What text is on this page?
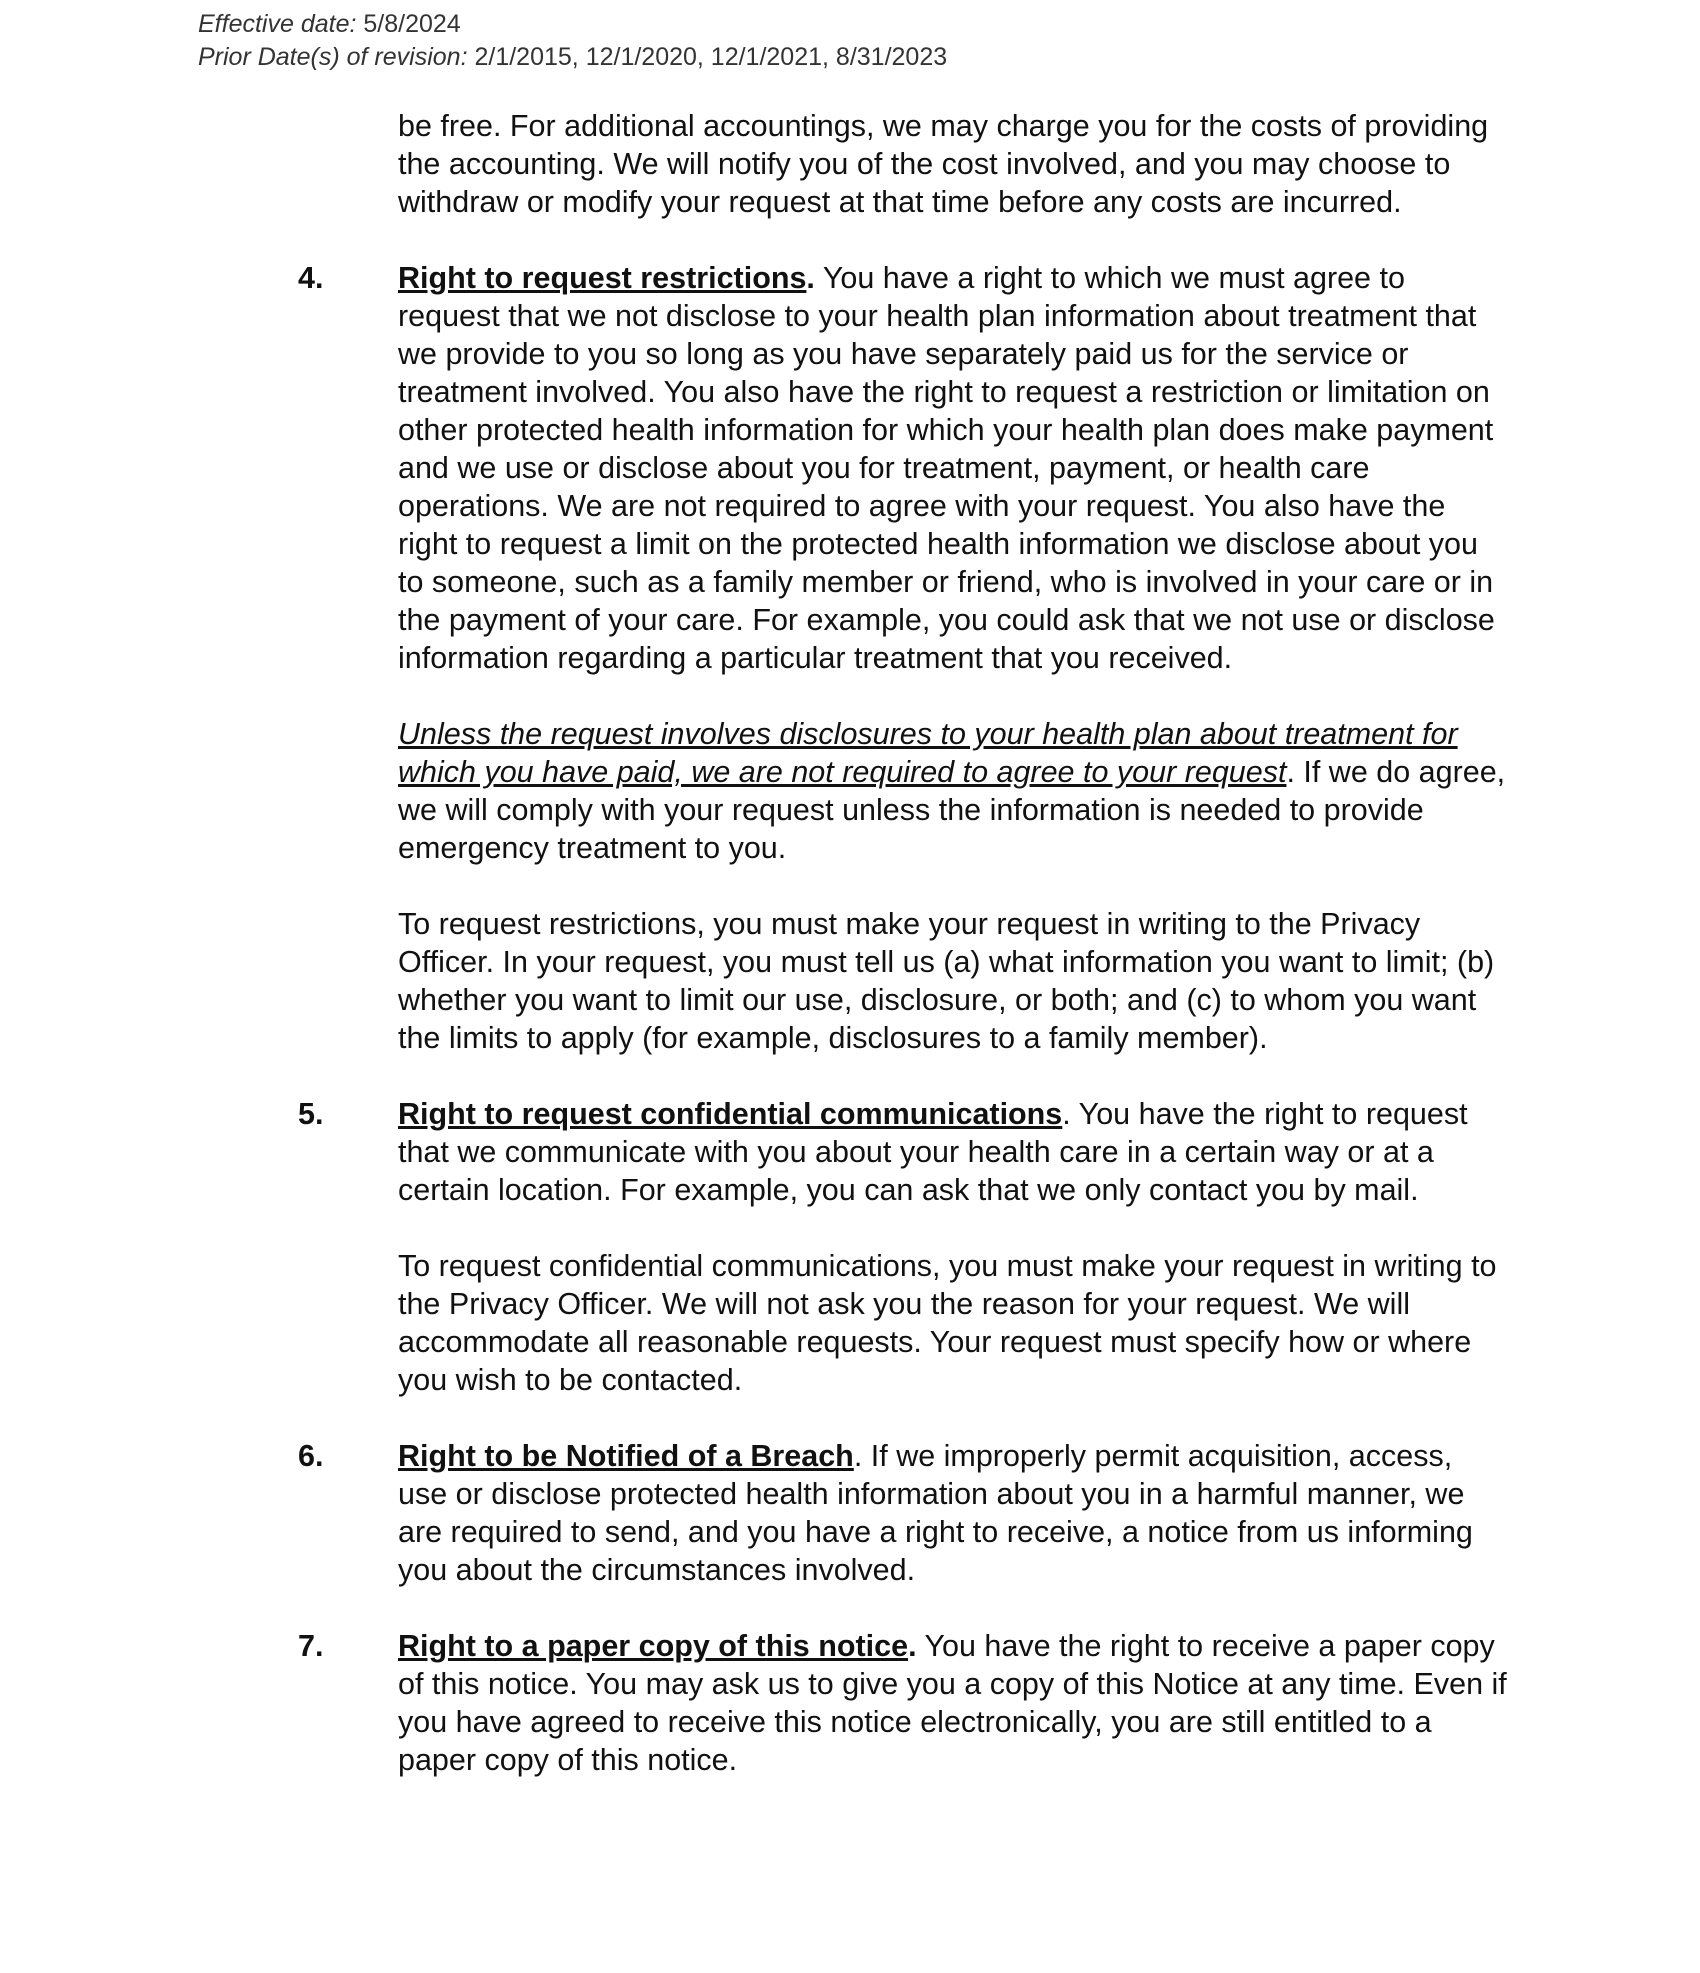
Effective date: 5/8/2024
Prior Date(s) of revision: 2/1/2015, 12/1/2020, 12/1/2021, 8/31/2023
be free. For additional accountings, we may charge you for the costs of providing the accounting. We will notify you of the cost involved, and you may choose to withdraw or modify your request at that time before any costs are incurred.
4. Right to request restrictions. You have a right to which we must agree to request that we not disclose to your health plan information about treatment that we provide to you so long as you have separately paid us for the service or treatment involved. You also have the right to request a restriction or limitation on other protected health information for which your health plan does make payment and we use or disclose about you for treatment, payment, or health care operations. We are not required to agree with your request. You also have the right to request a limit on the protected health information we disclose about you to someone, such as a family member or friend, who is involved in your care or in the payment of your care. For example, you could ask that we not use or disclose information regarding a particular treatment that you received.
Unless the request involves disclosures to your health plan about treatment for which you have paid, we are not required to agree to your request. If we do agree, we will comply with your request unless the information is needed to provide emergency treatment to you.
To request restrictions, you must make your request in writing to the Privacy Officer. In your request, you must tell us (a) what information you want to limit; (b) whether you want to limit our use, disclosure, or both; and (c) to whom you want the limits to apply (for example, disclosures to a family member).
5. Right to request confidential communications. You have the right to request that we communicate with you about your health care in a certain way or at a certain location. For example, you can ask that we only contact you by mail.
To request confidential communications, you must make your request in writing to the Privacy Officer. We will not ask you the reason for your request. We will accommodate all reasonable requests. Your request must specify how or where you wish to be contacted.
6. Right to be Notified of a Breach. If we improperly permit acquisition, access, use or disclose protected health information about you in a harmful manner, we are required to send, and you have a right to receive, a notice from us informing you about the circumstances involved.
7. Right to a paper copy of this notice. You have the right to receive a paper copy of this notice. You may ask us to give you a copy of this Notice at any time. Even if you have agreed to receive this notice electronically, you are still entitled to a paper copy of this notice.
